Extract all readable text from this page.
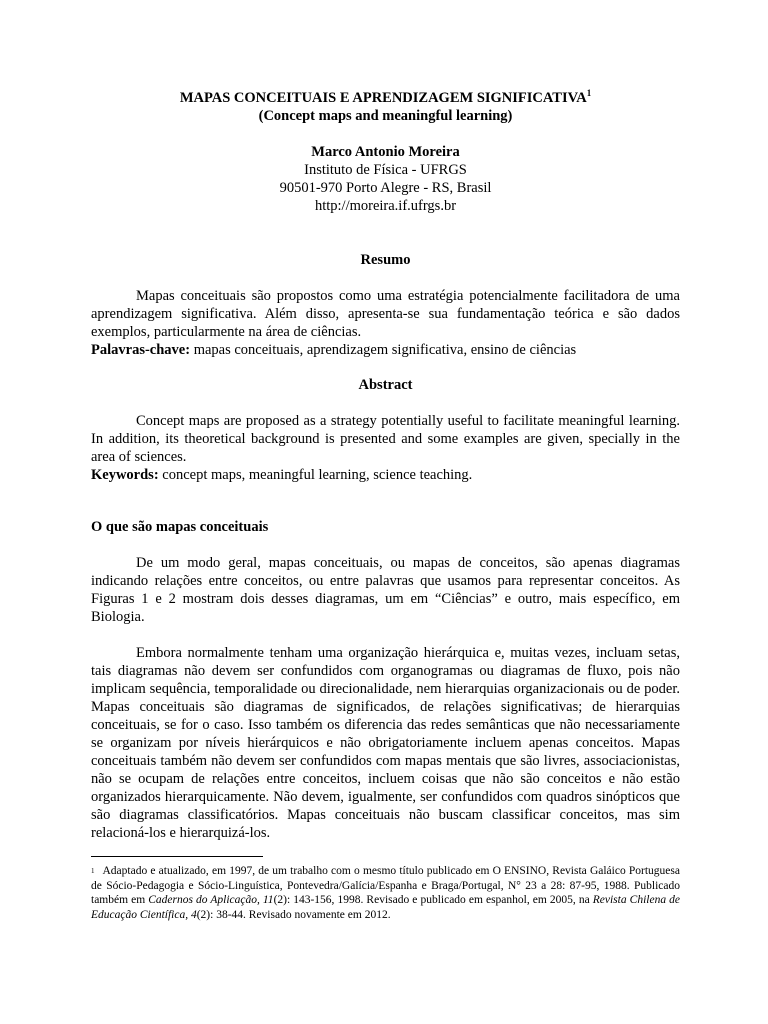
MAPAS CONCEITUAIS E APRENDIZAGEM SIGNIFICATIVA$^1$
(Concept maps and meaningful learning)
Marco Antonio Moreira
Instituto de Física - UFRGS
90501-970 Porto Alegre - RS, Brasil
http://moreira.if.ufrgs.br
Resumo

Mapas conceituais são propostos como uma estratégia potencialmente facilitadora de uma aprendizagem significativa. Além disso, apresenta-se sua fundamentação teórica e são dados exemplos, particularmente na área de ciências.

Palavras-chave: mapas conceituais, aprendizagem significativa, ensino de ciências

Abstract

Concept maps are proposed as a strategy potentially useful to facilitate meaningful learning. In addition, its theoretical background is presented and some examples are given, specially in the area of sciences.

Keywords: concept maps, meaningful learning, science teaching.

O que são mapas conceituais

De um modo geral, mapas conceituais, ou mapas de conceitos, são apenas diagramas indicando relações entre conceitos, ou entre palavras que usamos para representar conceitos. As Figuras 1 e 2 mostram dois desses diagramas, um em “Ciências” e outro, mais específico, em Biologia.

Embora normalmente tenham uma organização hierárquica e, muitas vezes, incluam setas, tais diagramas não devem ser confundidos com organogramas ou diagramas de fluxo, pois não implicam sequência, temporalidade ou direcionalidade, nem hierarquias organizacionais ou de poder. Mapas conceituais são diagramas de significados, de relações significativas; de hierarquias conceituais, se for o caso. Isso também os diferencia das redes semânticas que não necessariamente se organizam por níveis hierárquicos e não obrigatoriamente incluem apenas conceitos. Mapas conceituais também não devem ser confundidos com mapas mentais que são livres, associacionistas, não se ocupam de relações entre conceitos, incluem coisas que não são conceitos e não estão organizados hierarquicamente. Não devem, igualmente, ser confundidos com quadros sinópticos que são diagramas classificatórios. Mapas conceituais não buscam classificar conceitos, mas sim relacioná-los e hierarquizá-los.

$^1$ Adaptado e atualizado, em 1997, de um trabalho com o mesmo título publicado em O ENSINO, Revista Galáico Portuguesa de Sócio-Pedagogia e Sócio-Linguística, Pontevedra/Galícia/Espanha e Braga/Portugal, N° 23 a 28: 87-95, 1988. Publicado também em Cadernos do Aplicação, 11(2): 143-156, 1998. Revisado e publicado em espanhol, em 2005, na Revista Chilena de Educação Científica, 4(2): 38-44. Revisado novamente em 2012.
